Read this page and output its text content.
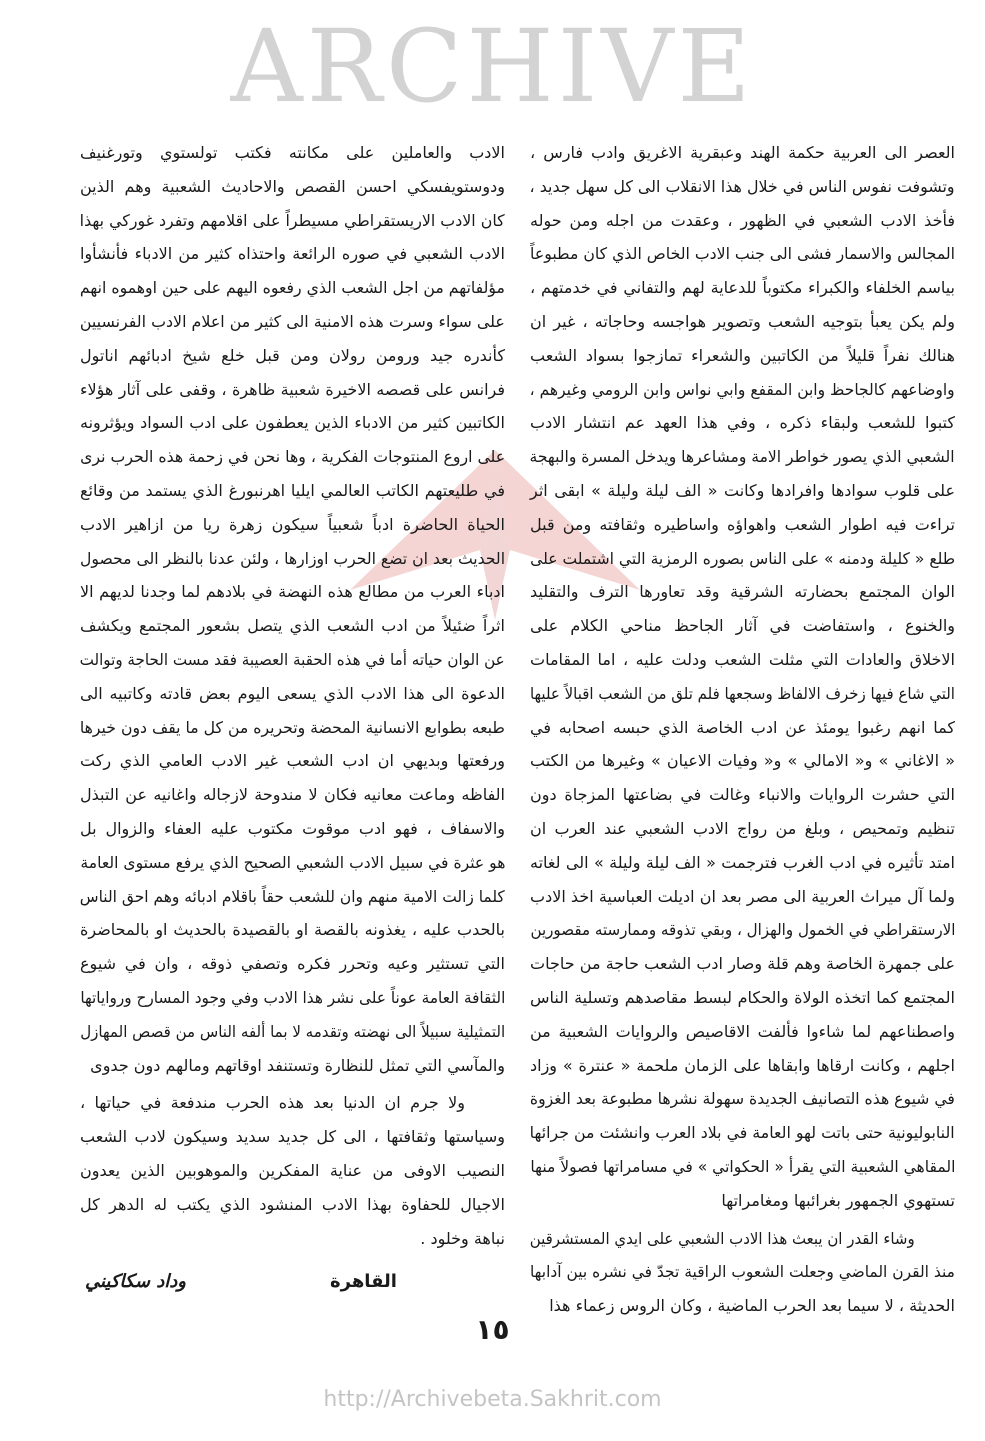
ARCHIVE
http://Archivebeta.Sakhrit.com
العصر الى العربية حكمة الهند وعبقرية الاغريق وادب فارس ،
وتشوفت نفوس الناس في خلال هذا الانقلاب الى كل سهل جديد ،
فأخذ الادب الشعبي في الظهور ، وعقدت من اجله ومن حوله
المجالس والاسمار فشى الى جنب الادب الخاص الذي كان مطبوعاً
بياسم الخلفاء والكبراء مكتوباً للدعاية لهم والتفاني في خدمتهم ،
ولم يكن يعبأ بتوجيه الشعب وتصوير هواجسه وحاجاته ، غير ان
هنالك نفراً قليلاً من الكاتبين والشعراء تمازجوا بسواد الشعب
واوضاعهم كالجاحظ وابن المقفع وابي نواس وابن الرومي وغيرهم ،
كتبوا للشعب ولبقاء ذكره ، وفي هذا العهد عم انتشار الادب
الشعبي الذي يصور خواطر الامة ومشاعرها ويدخل المسرة والبهجة
على قلوب سوادها وافرادها وكانت « الف ليلة وليلة » ابقى اثر
تراءت فيه اطوار الشعب واهواؤه واساطيره وثقافته ومن قبل
طلع « كليلة ودمنه » على الناس بصوره الرمزية التي اشتملت على
الوان المجتمع بحضارته الشرقية وقد تعاورها الترف والتقليد
والخنوع ، واستفاضت في آثار الجاحظ مناحي الكلام على
الاخلاق والعادات التي مثلت الشعب ودلت عليه ، اما المقامات
التي شاع فيها زخرف الالفاظ وسجعها فلم تلق من الشعب اقبالاً عليها
كما انهم رغبوا يومئذ عن ادب الخاصة الذي حبسه اصحابه في
« الاغاني » و« الامالي » و« وفيات الاعيان » وغيرها من الكتب
التي حشرت الروايات والانباء وغالت في بضاعتها المزجاة دون
تنظيم وتمحيص ، وبلغ من رواج الادب الشعبي عند العرب ان
امتد تأثيره في ادب الغرب فترجمت « الف ليلة وليلة » الى لغاته
ولما آل ميراث العربية الى مصر بعد ان اديلت العباسية اخذ الادب
الارستقراطي في الخمول والهزال ، وبقي تذوقه وممارسته مقصورين
على جمهرة الخاصة وهم قلة وصار ادب الشعب حاجة من حاجات
المجتمع كما اتخذه الولاة والحكام لبسط مقاصدهم وتسلية الناس
واصطناعهم لما شاءوا فألفت الاقاصيص والروايات الشعبية من
اجلهم ، وكانت ارقاها وابقاها على الزمان ملحمة « عنترة » وزاد
في شيوع هذه التصانيف الجديدة سهولة نشرها مطبوعة بعد الغزوة
النابوليونية حتى باتت لهو العامة في بلاد العرب وانشئت من جرائها
المقاهي الشعبية التي يقرأ « الحكواتي » في مسامراتها فصولاً منها
تستهوي الجمهور بغرائبها ومغامراتها
وشاء القدر ان يبعث هذا الادب الشعبي على ايدي المستشرقين
منذ القرن الماضي وجعلت الشعوب الراقية تجدّ في نشره بين آدابها
الحديثة ، لا سيما بعد الحرب الماضية ، وكان الروس زعماء هذا
الادب والعاملين على مكانته فكتب تولستوي وتورغنيف
ودوستويفسكي احسن القصص والاحاديث الشعبية وهم الذين
كان الادب الاريستقراطي مسيطراً على اقلامهم وتفرد غوركي بهذا
الادب الشعبي في صوره الرائعة واحتذاه كثير من الادباء فأنشأوا
مؤلفاتهم من اجل الشعب الذي رفعوه اليهم على حين اوهموه انهم
على سواء وسرت هذه الامنية الى كثير من اعلام الادب الفرنسيين
كأندره جيد ورومن رولان ومن قبل خلع شيخ ادبائهم اناتول
فرانس على قصصه الاخيرة شعبية ظاهرة ، وقفى على آثار هؤلاء
الكاتبين كثير من الادباء الذين يعطفون على ادب السواد ويؤثرونه
على اروع المنتوجات الفكرية ، وها نحن في زحمة هذه الحرب نرى
في طليعتهم الكاتب العالمي ايليا اهرنبورغ الذي يستمد من وقائع
الحياة الحاضرة ادباً شعبياً سيكون زهرة ريا من ازاهير الادب
الحديث بعد ان تضع الحرب اوزارها ، ولئن عدنا بالنظر الى محصول
ادباء العرب من مطالع هذه النهضة في بلادهم لما وجدنا لديهم الا
اثراً ضئيلاً من ادب الشعب الذي يتصل بشعور المجتمع ويكشف
عن الوان حياته أما في هذه الحقبة العصيبة فقد مست الحاجة وتوالت
الدعوة الى هذا الادب الذي يسعى اليوم بعض قادته وكاتبيه الى
طبعه بطوابع الانسانية المحضة وتحريره من كل ما يقف دون خيرها
ورفعتها وبديهي ان ادب الشعب غير الادب العامي الذي ركت
الفاظه وماعت معانيه فكان لا مندوحة لازجاله واغانيه عن التبذل
والاسفاف ، فهو ادب موقوت مكتوب عليه العفاء والزوال بل
هو عثرة في سبيل الادب الشعبي الصحيح الذي يرفع مستوى العامة
كلما زالت الامية منهم وان للشعب حقاً باقلام ادبائه وهم احق الناس
بالحدب عليه ، يغذونه بالقصة او بالقصيدة بالحديث او بالمحاضرة
التي تستثير وعيه وتحرر فكره وتصفي ذوقه ، وان في شيوع
الثقافة العامة عوناً على نشر هذا الادب وفي وجود المسارح ورواياتها
التمثيلية سبيلاً الى نهضته وتقدمه لا بما ألفه الناس من قصص المهازل
والمآسي التي تمثل للنظارة وتستنفد اوقاتهم ومالهم دون جدوى
ولا جرم ان الدنيا بعد هذه الحرب مندفعة في حياتها ،
وسياستها وثقافتها ، الى كل جديد سديد وسيكون لادب الشعب
النصيب الاوفى من عناية المفكرين والموهوبين الذين يعدون
الاجيال للحفاوة بهذا الادب المنشود الذي يكتب له الدهر كل
نباهة وخلود .
القاهرة
وداد سكاكيني
١٥
